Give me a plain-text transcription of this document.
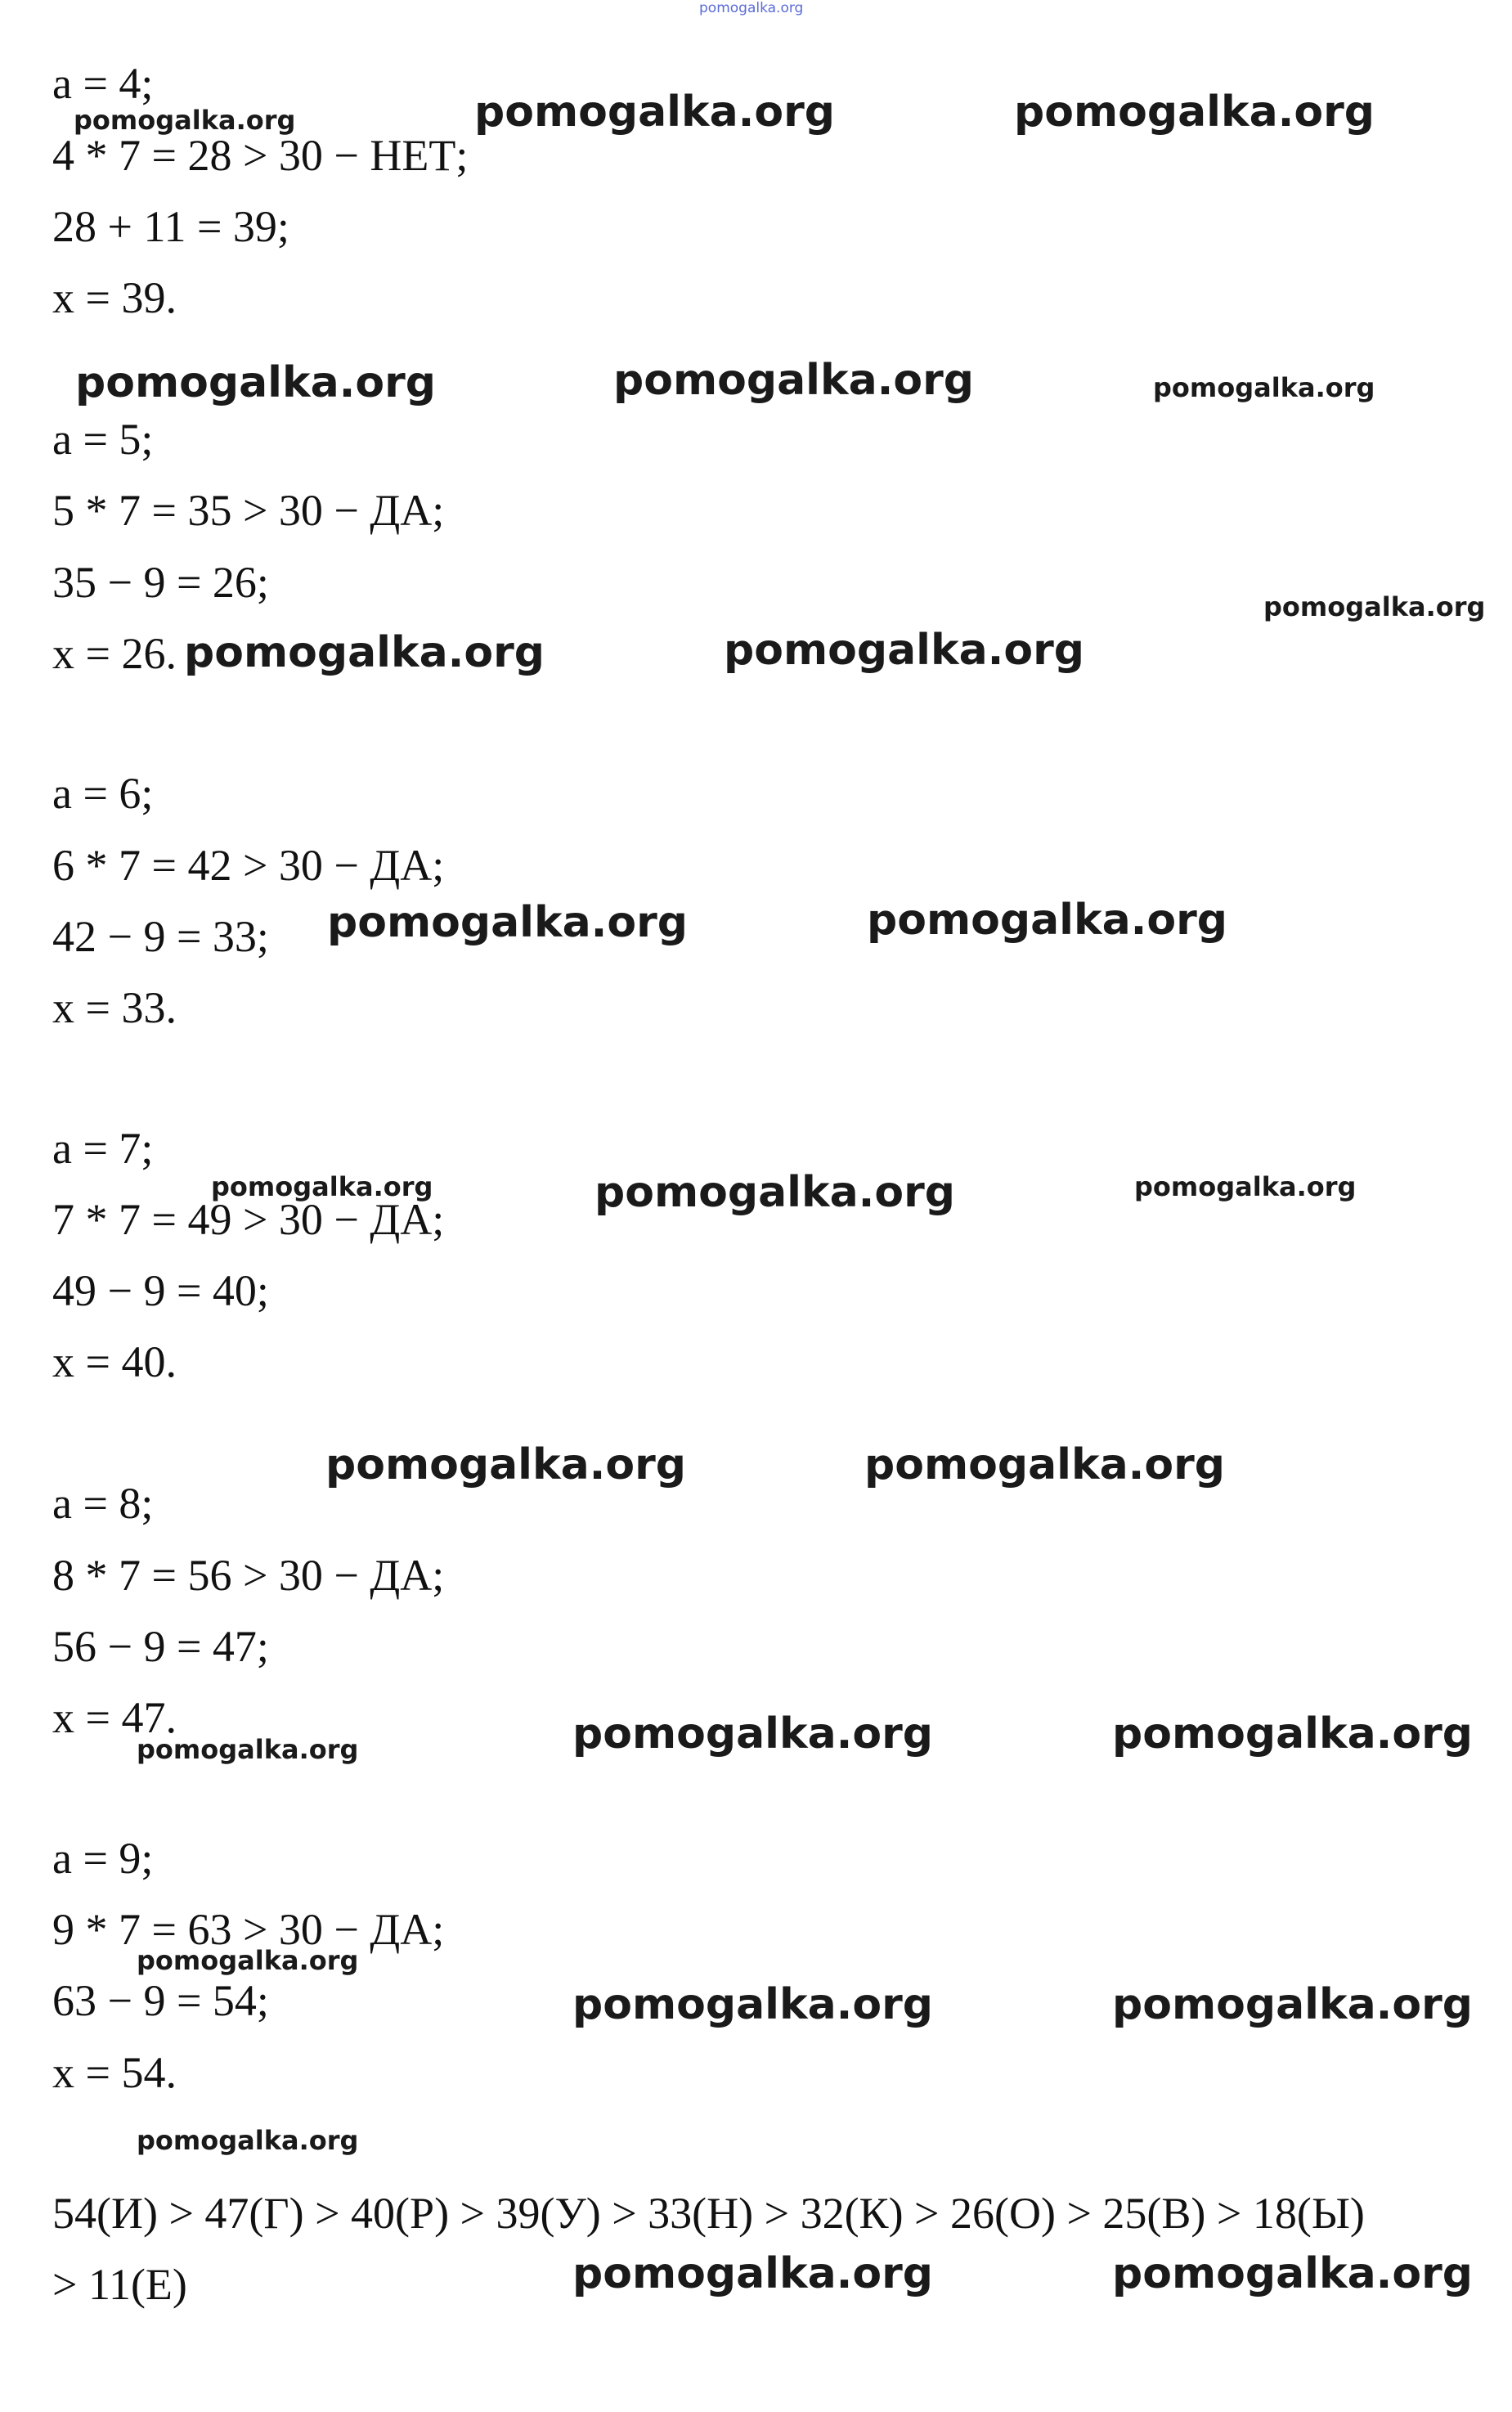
pomogalka.org
a = 4;
4 * 7 = 28 > 30 − НЕТ;
28 + 11 = 39;
x = 39.
a = 5;
5 * 7 = 35 > 30 − ДА;
35 − 9 = 26;
x = 26.
a = 6;
6 * 7 = 42 > 30 − ДА;
42 − 9 = 33;
x = 33.
a = 7;
7 * 7 = 49 > 30 − ДА;
49 − 9 = 40;
x = 40.
a = 8;
8 * 7 = 56 > 30 − ДА;
56 − 9 = 47;
x = 47.
a = 9;
9 * 7 = 63 > 30 − ДА;
63 − 9 = 54;
x = 54.
54(И) > 47(Г) > 40(Р) > 39(У) > 33(Н) > 32(К) > 26(О) > 25(В) > 18(Ы)
> 11(Е)
pomogalka.org	pomogalka.org	pomogalka.org
pomogalka.org	pomogalka.org	pomogalka.org
pomogalka.org
pomogalka.org	pomogalka.org
pomogalka.org	pomogalka.org
pomogalka.org	pomogalka.org	pomogalka.org
pomogalka.org	pomogalka.org
pomogalka.org	pomogalka.org	pomogalka.org
pomogalka.org
pomogalka.org	pomogalka.org
pomogalka.org
pomogalka.org	pomogalka.org
